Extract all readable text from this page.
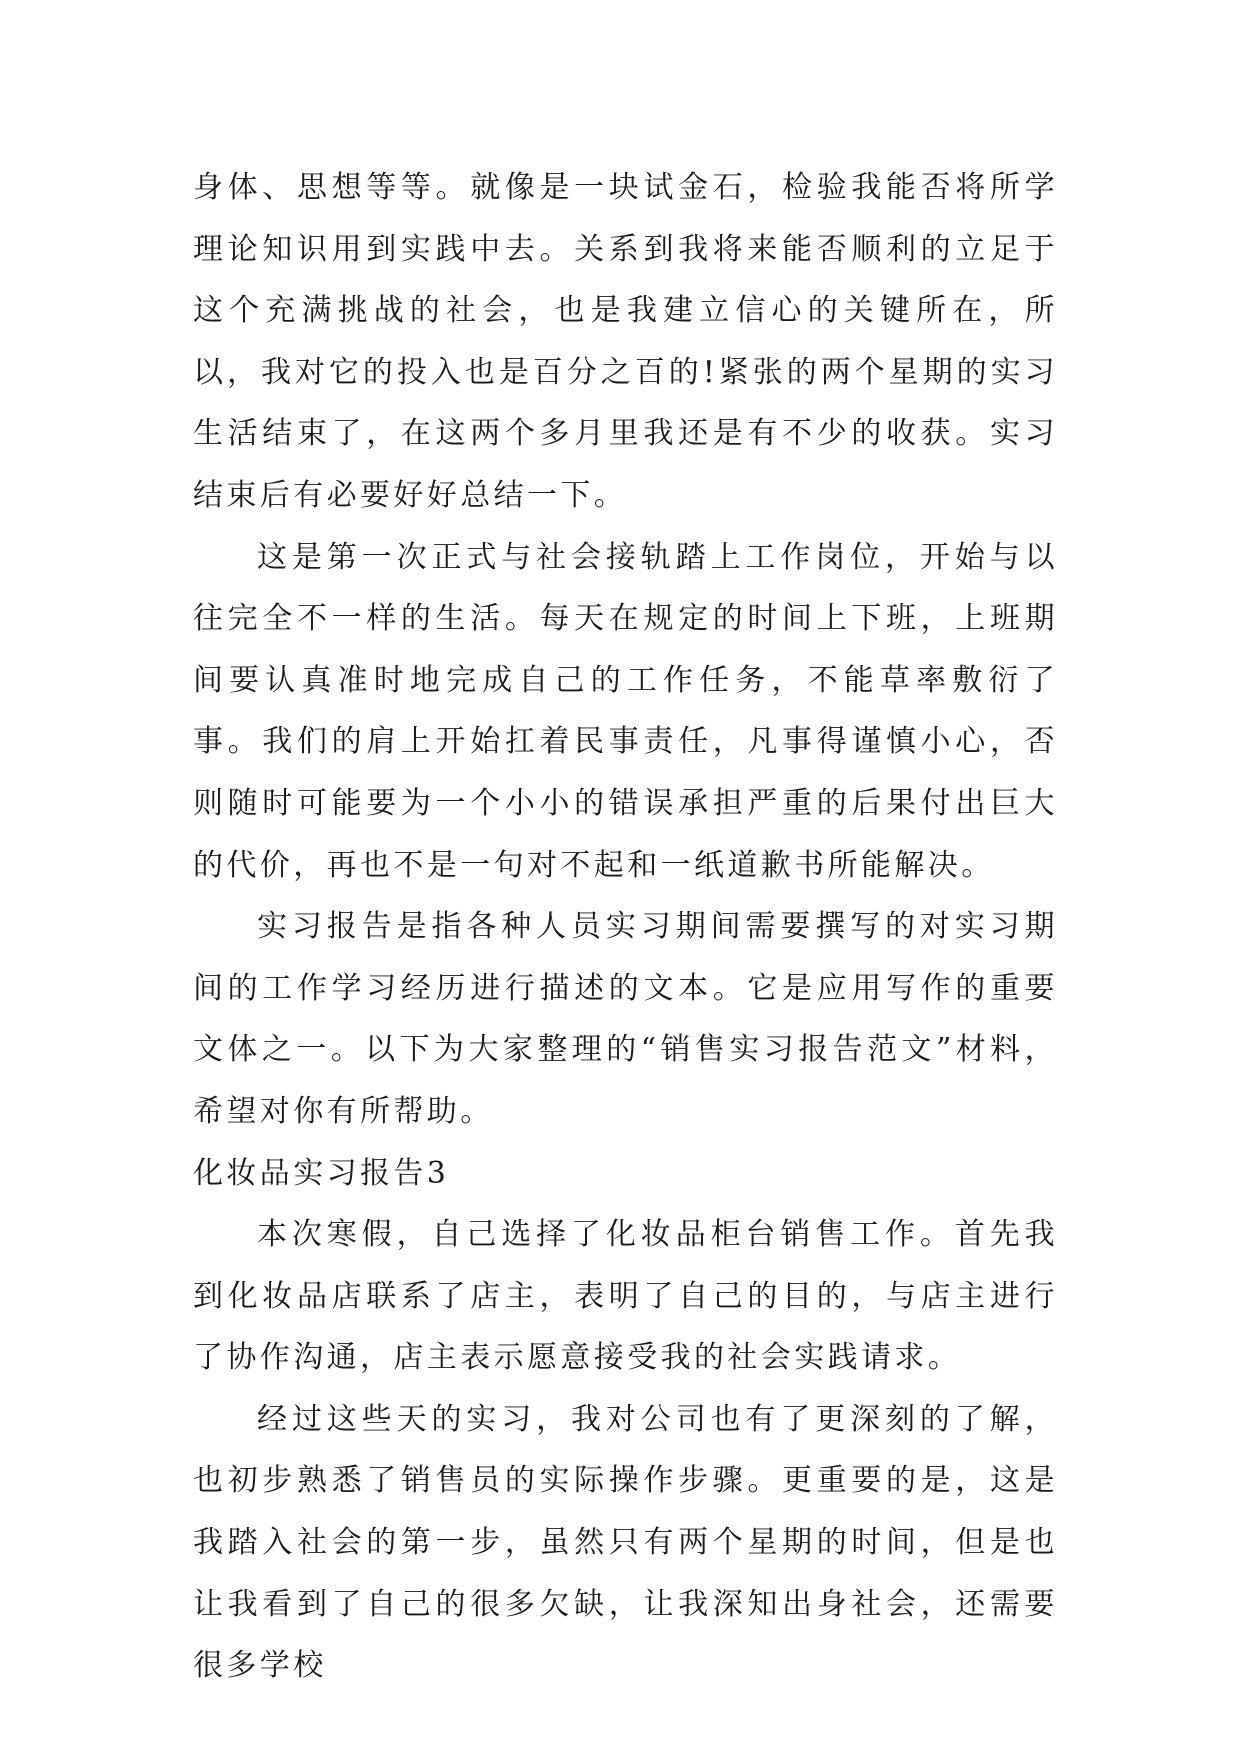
身体、思想等等。就像是一块试金石，检验我能否将所学理论知识用到实践中去。关系到我将来能否顺利的立足于这个充满挑战的社会，也是我建立信心的关键所在，所以，我对它的投入也是百分之百的!紧张的两个星期的实习生活结束了，在这两个多月里我还是有不少的收获。实习结束后有必要好好总结一下。

这是第一次正式与社会接轨踏上工作岗位，开始与以往完全不一样的生活。每天在规定的时间上下班，上班期间要认真准时地完成自己的工作任务，不能草率敷衍了事。我们的肩上开始扛着民事责任，凡事得谨慎小心，否则随时可能要为一个小小的错误承担严重的后果付出巨大的代价，再也不是一句对不起和一纸道歉书所能解决。

实习报告是指各种人员实习期间需要撰写的对实习期间的工作学习经历进行描述的文本。它是应用写作的重要文体之一。以下为大家整理的“销售实习报告范文”材料，希望对你有所帮助。

化妆品实习报告3

本次寒假，自己选择了化妆品柜台销售工作。首先我到化妆品店联系了店主，表明了自己的目的，与店主进行了协作沟通，店主表示愿意接受我的社会实践请求。

经过这些天的实习，我对公司也有了更深刻的了解，也初步熟悉了销售员的实际操作步骤。更重要的是，这是我踏入社会的第一步，虽然只有两个星期的时间，但是也让我看到了自己的很多欠缺，让我深知出身社会，还需要很多学校
